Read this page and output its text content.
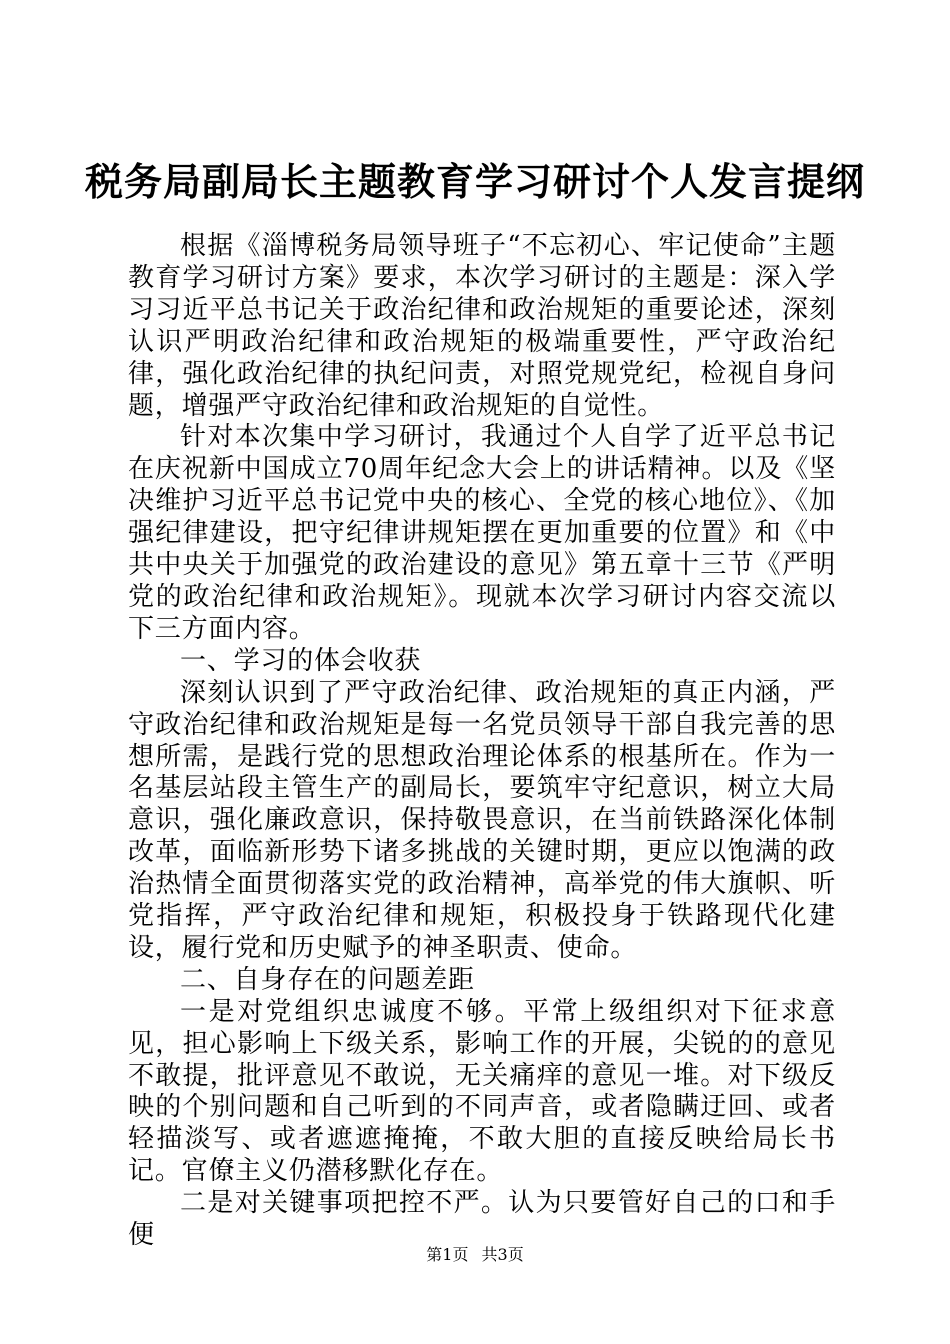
税务局副局长主题教育学习研讨个人发言提纲

根据《淄博税务局领导班子“不忘初心、牢记使命”主题教育学习研讨方案》要求，本次学习研讨的主题是：深入学习习近平总书记关于政治纪律和政治规矩的重要论述，深刻认识严明政治纪律和政治规矩的极端重要性，严守政治纪律，强化政治纪律的执纪问责，对照党规党纪，检视自身问题，增强严守政治纪律和政治规矩的自觉性。

针对本次集中学习研讨，我通过个人自学了近平总书记在庆祝新中国成立70周年纪念大会上的讲话精神。以及《坚决维护习近平总书记党中央的核心、全党的核心地位》、《加强纪律建设，把守纪律讲规矩摆在更加重要的位置》和《中共中央关于加强党的政治建设的意见》第五章十三节《严明党的政治纪律和政治规矩》。现就本次学习研讨内容交流以下三方面内容。

一、学习的体会收获

深刻认识到了严守政治纪律、政治规矩的真正内涵，严守政治纪律和政治规矩是每一名党员领导干部自我完善的思想所需，是践行党的思想政治理论体系的根基所在。作为一名基层站段主管生产的副局长，要筑牢守纪意识，树立大局意识，强化廉政意识，保持敬畏意识，在当前铁路深化体制改革，面临新形势下诸多挑战的关键时期，更应以饱满的政治热情全面贯彻落实党的政治精神，高举党的伟大旗帜、听党指挥，严守政治纪律和规矩，积极投身于铁路现代化建设，履行党和历史赋予的神圣职责、使命。

二、自身存在的问题差距

一是对党组织忠诚度不够。平常上级组织对下征求意见，担心影响上下级关系，影响工作的开展，尖锐的的意见不敢提，批评意见不敢说，无关痛痒的意见一堆。对下级反映的个别问题和自己听到的不同声音，或者隐瞒迂回、或者轻描淡写、或者遮遮掩掩，不敢大胆的直接反映给局长书记。官僚主义仍潜移默化存在。

二是对关键事项把控不严。认为只要管好自己的口和手便

第1页 共3页
